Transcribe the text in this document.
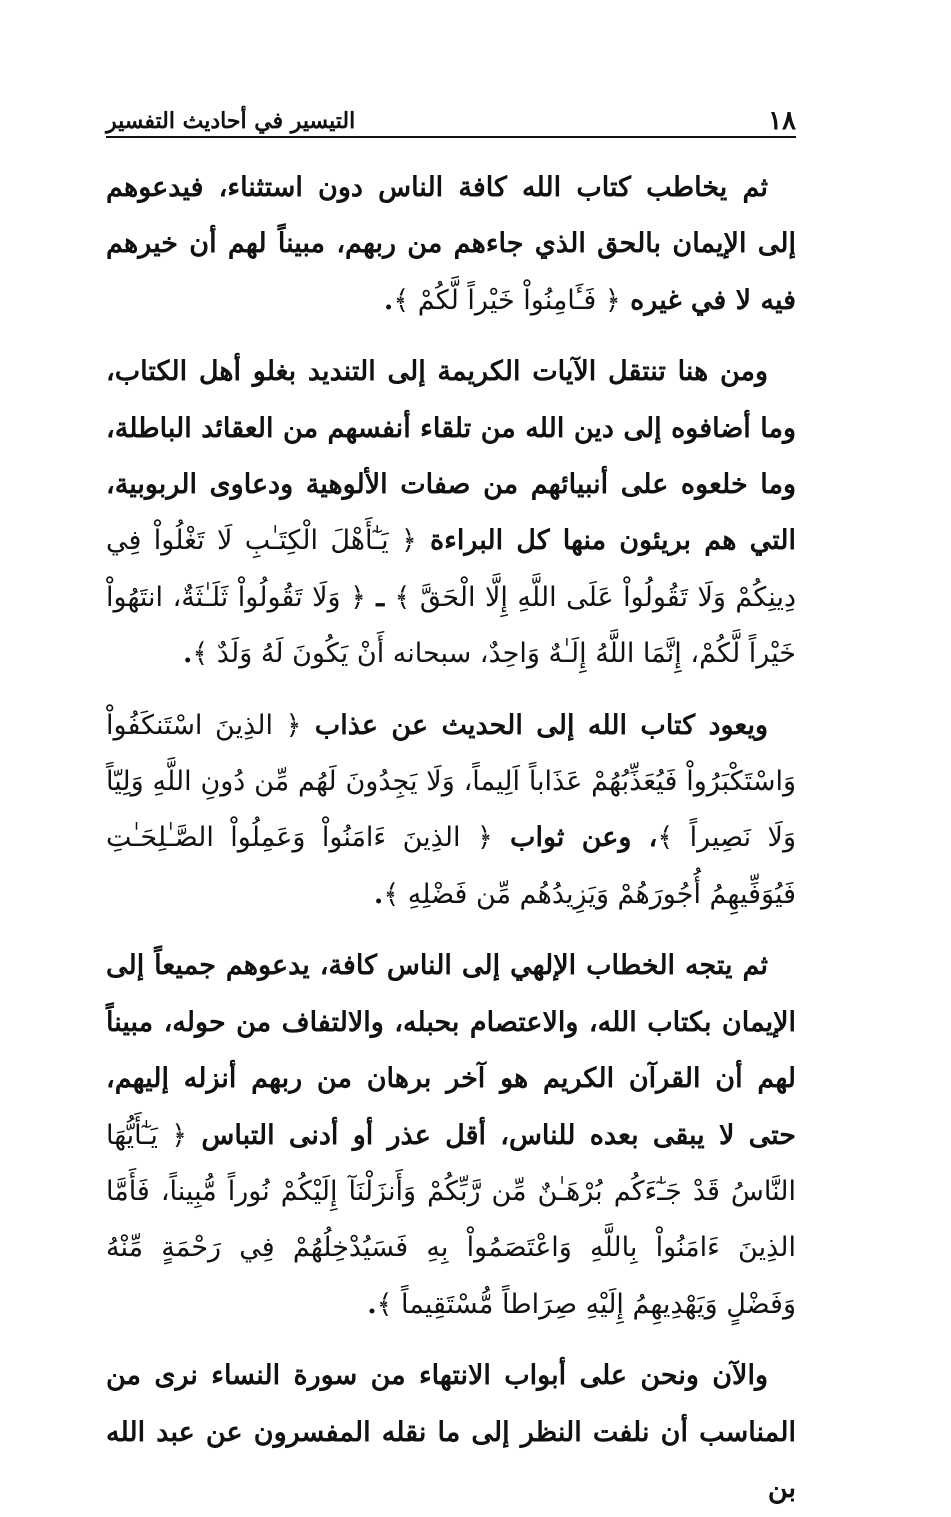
١٨
التيسير في أحاديث التفسير

ثم يخاطب كتاب الله كافة الناس دون استثناء، فيدعوهم إلى الإيمان بالحق الذي جاءهم من ربهم، مبيناً لهم أن خيرهم فيه لا في غيره ﴿ فَـَٔامِنُواْ خَيْراً لَّكُمْ ﴾.

ومن هنا تنتقل الآيات الكريمة إلى التنديد بغلو أهل الكتاب، وما أضافوه إلى دين الله من تلقاء أنفسهم من العقائد الباطلة، وما خلعوه على أنبيائهم من صفات الألوهية ودعاوى الربوبية، التي هم بريئون منها كل البراءة ﴿ يَـٰٓأَهْلَ الْكِتَـٰبِ لَا تَغْلُواْ فِي دِينِكُمْ وَلَا تَقُولُواْ عَلَى اللَّهِ إِلَّا الْحَقَّ ﴾ ـ ﴿ وَلَا تَقُولُواْ ثَلَـٰثَةٌ، انتَهُواْ خَيْراً لَّكُمْ، إِنَّمَا اللَّهُ إِلَـٰهٌ وَاحِدٌ، سبحانه أَنْ يَكُونَ لَهُ وَلَدٌ ﴾.

ويعود كتاب الله إلى الحديث عن عذاب ﴿ الذِينَ اسْتَنكَفُواْ وَاسْتَكْبَرُواْ فَيُعَذِّبُهُمْ عَذَاباً اَلِيماً، وَلَا يَجِدُونَ لَهُم مِّن دُونِ اللَّهِ وَلِيّاً وَلَا نَصِيراً ﴾، وعن ثواب ﴿ الذِينَ ءَامَنُواْ وَعَمِلُواْ الصَّـٰلِحَـٰتِ فَيُوَفِّيهِمُ أُجُورَهُمْ وَيَزِيدُهُم مِّن فَضْلِهِ ﴾.

ثم يتجه الخطاب الإلهي إلى الناس كافة، يدعوهم جميعاً إلى الإيمان بكتاب الله، والاعتصام بحبله، والالتفاف من حوله، مبيناً لهم أن القرآن الكريم هو آخر برهان من ربهم أنزله إليهم، حتى لا يبقى بعده للناس، أقل عذر أو أدنى التباس ﴿ يَـٰٓأَيُّهَا النَّاسُ قَدْ جَـٰٓءَكُم بُرْهَـٰنٌ مِّن رَّبِّكُمْ وَأَنزَلْنَآ إِلَيْكُمْ نُوراً مُّبِيناً، فَأَمَّا الذِينَ ءَامَنُواْ بِاللَّهِ وَاعْتَصَمُواْ بِهِ فَسَيُدْخِلُهُمْ فِي رَحْمَةٍ مِّنْهُ وَفَضْلٍ وَيَهْدِيهِمُ إِلَيْهِ صِرَاطاً مُّسْتَقِيماً ﴾.

والآن ونحن على أبواب الانتهاء من سورة النساء نرى من المناسب أن نلفت النظر إلى ما نقله المفسرون عن عبد الله بن
